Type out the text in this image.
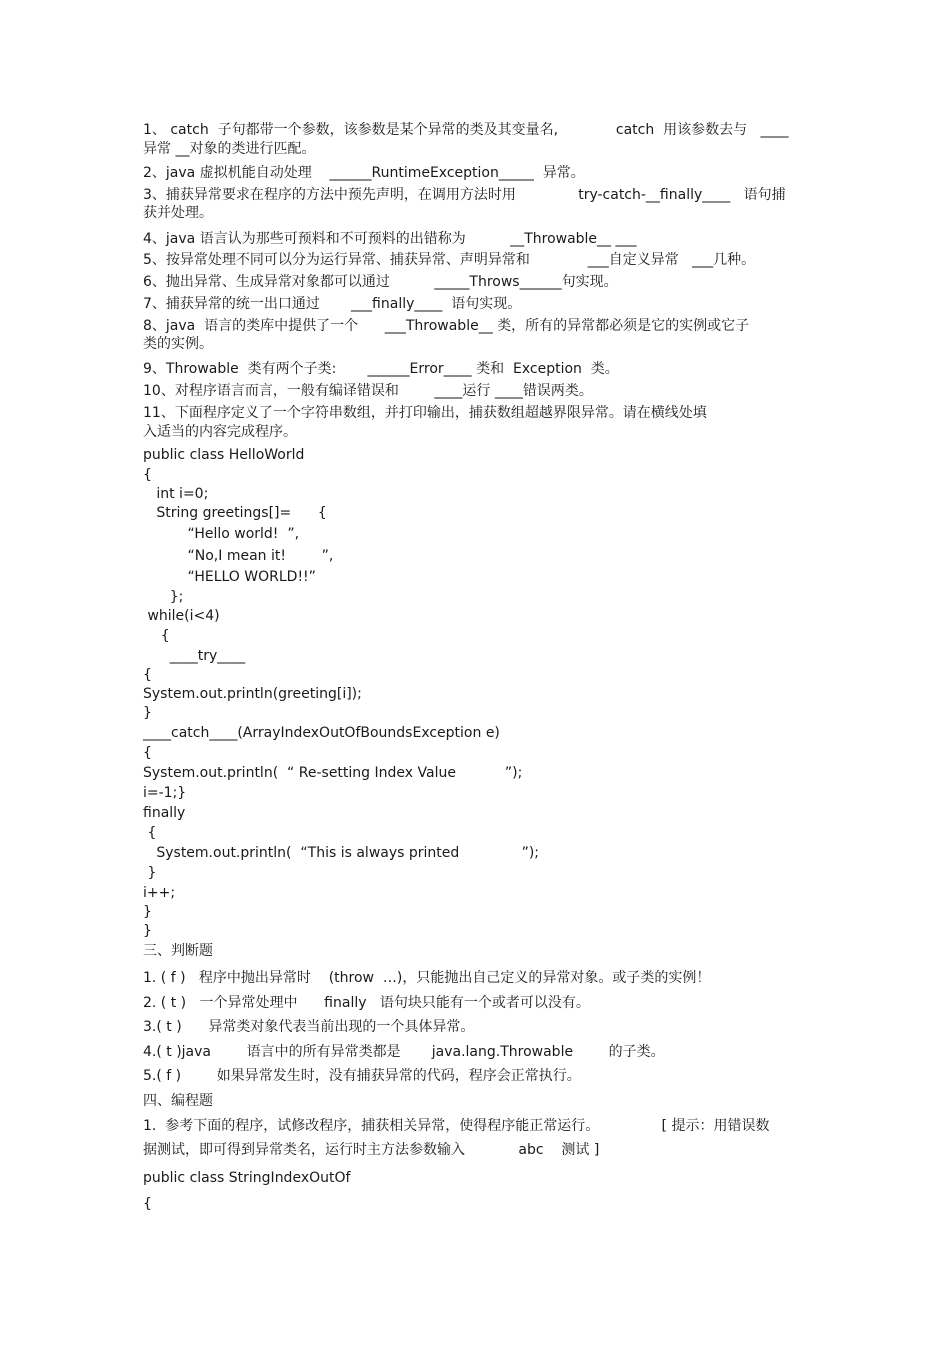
1、 catch  子句都带一个参数，该参数是某个异常的类及其变量名,             catch  用该参数去与   ____
异常 __对象的类进行匹配。
2、java 虚拟机能自动处理    ______RuntimeException_____  异常。
3、捕获异常要求在程序的方法中预先声明，在调用方法时用              try-catch-__finally____   语句捕
获并处理。
4、java 语言认为那些可预料和不可预料的出错称为          __Throwable__ ___
5、按异常处理不同可以分为运行异常、捕获异常、声明异常和             ___自定义异常   ___几种。
6、抛出异常、生成异常对象都可以通过          _____Throws______句实现。
7、捕获异常的统一出口通过       ___finally____  语句实现。
8、java  语言的类库中提供了一个      ___Throwable__ 类，所有的异常都必须是它的实例或它子
类的实例。
9、Throwable  类有两个子类:       ______Error____ 类和  Exception  类。
10、对程序语言而言，一般有编译错误和        ____运行 ____错误两类。
11、下面程序定义了一个字符串数组，并打印输出，捕获数组超越界限异常。请在横线处填
入适当的内容完成程序。
public class HelloWorld
{
int i=0;
String greetings[]=      {
“Hello world!  ”,
“No,I mean it!        ”,
“HELLO WORLD!!”
};
while(i<4)
{
____try____
{
System.out.println(greeting[i]);
}
____catch____(ArrayIndexOutOfBoundsException e)
{
System.out.println(  “ Re-setting Index Value           ”);
i=-1;}
finally
{
System.out.println(  “This is always printed              ”);
}
i++;
}
}
三、判断题
1. ( f )   程序中抛出异常时    (throw  …)，只能抛出自己定义的异常对象。或子类的实例！
2. ( t )   一个异常处理中      finally   语句块只能有一个或者可以没有。
3.( t )      异常类对象代表当前出现的一个具体异常。
4.( t )java        语言中的所有异常类都是       java.lang.Throwable        的子类。
5.( f )        如果异常发生时，没有捕获异常的代码，程序会正常执行。
四、编程题
1.  参考下面的程序，试修改程序，捕获相关异常，使得程序能正常运行。              [ 提示：用错误数
据测试，即可得到异常类名，运行时主方法参数输入            abc    测试 ]
public class StringIndexOutOf
{
